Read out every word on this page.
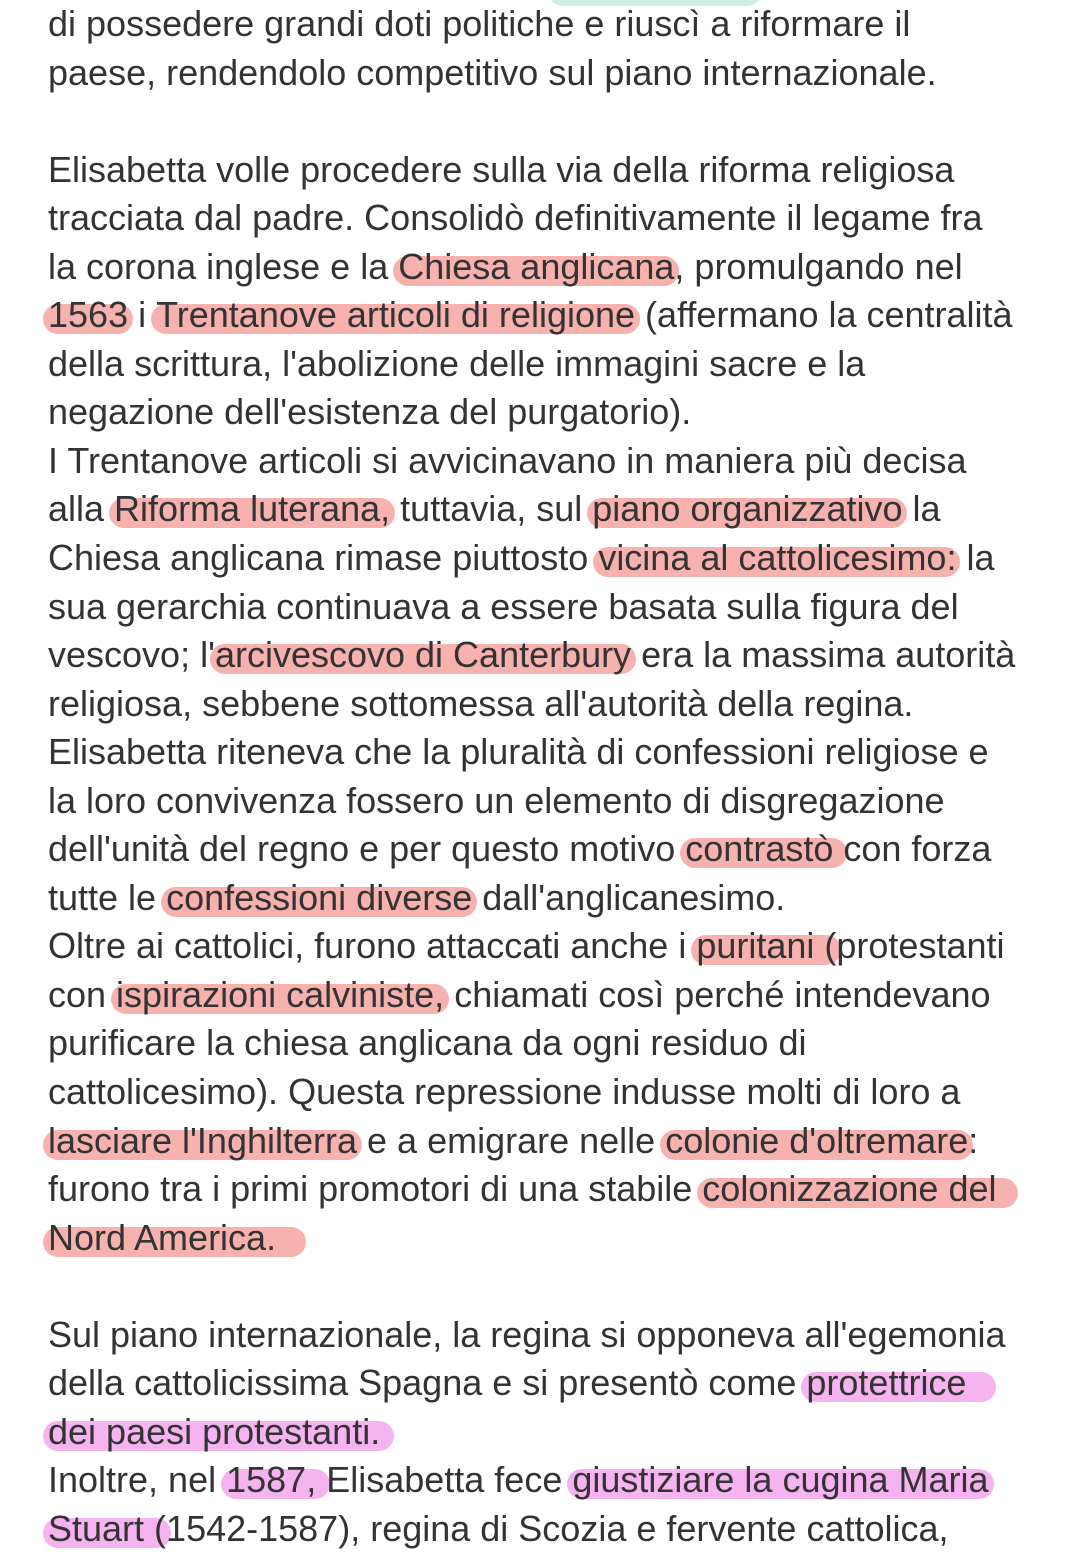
di possedere grandi doti politiche e riuscì a riformare il
paese, rendendolo competitivo sul piano internazionale.
Elisabetta volle procedere sulla via della riforma religiosa
tracciata dal padre. Consolidò definitivamente il legame fra
la corona inglese e la Chiesa anglicana, promulgando nel
1563 i Trentanove articoli di religione (affermano la centralità
della scrittura, l'abolizione delle immagini sacre e la
negazione dell'esistenza del purgatorio).
I Trentanove articoli si avvicinavano in maniera più decisa
alla Riforma luterana, tuttavia, sul piano organizzativo la
Chiesa anglicana rimase piuttosto vicina al cattolicesimo: la
sua gerarchia continuava a essere basata sulla figura del
vescovo; l'arcivescovo di Canterbury era la massima autorità
religiosa, sebbene sottomessa all'autorità della regina.
Elisabetta riteneva che la pluralità di confessioni religiose e
la loro convivenza fossero un elemento di disgregazione
dell'unità del regno e per questo motivo contrastò con forza
tutte le confessioni diverse dall'anglicanesimo.
Oltre ai cattolici, furono attaccati anche i puritani (protestanti
con ispirazioni calviniste, chiamati così perché intendevano
purificare la chiesa anglicana da ogni residuo di
cattolicesimo). Questa repressione indusse molti di loro a
lasciare l'Inghilterra e a emigrare nelle colonie d'oltremare:
furono tra i primi promotori di una stabile colonizzazione del
Nord America.
Sul piano internazionale, la regina si opponeva all'egemonia
della cattolicissima Spagna e si presentò come protettrice
dei paesi protestanti.
Inoltre, nel 1587, Elisabetta fece giustiziare la cugina Maria
Stuart (1542-1587), regina di Scozia e fervente cattolica,
